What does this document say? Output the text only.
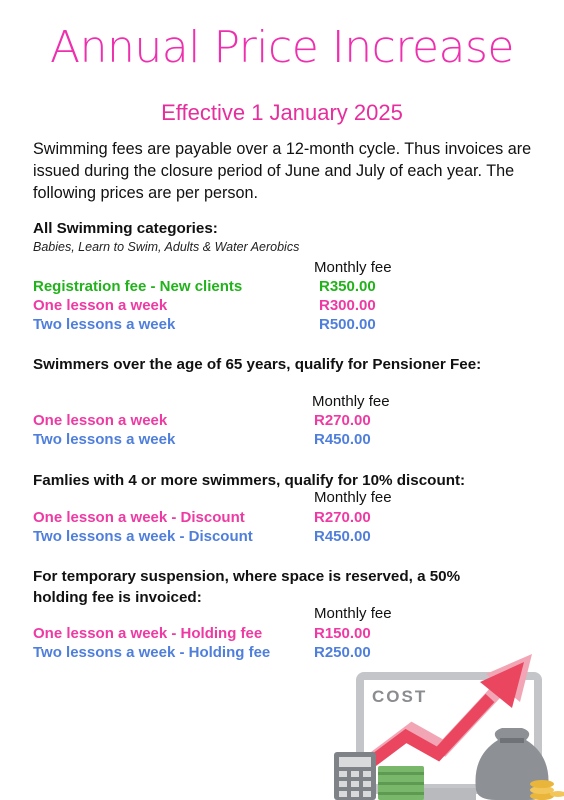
Annual Price Increase
Effective 1 January 2025
Swimming fees are payable over a 12-month cycle. Thus invoices are issued during the closure period of June and July of each year. The following prices are per person.
All Swimming categories:
Babies, Learn to Swim, Adults & Water Aerobics
Monthly fee
Registration fee - New clients	R350.00
One lesson a week	R300.00
Two lessons a week	R500.00
Swimmers over the age of 65 years, qualify for Pensioner Fee:
Monthly fee
One lesson a week	R270.00
Two lessons a week	R450.00
Famlies with 4 or more swimmers, qualify for 10% discount:
Monthly fee
One lesson a week - Discount	R270.00
Two lessons a week - Discount	R450.00
For temporary suspension, where space is reserved, a 50% holding fee is invoiced:
Monthly fee
One lesson a week - Holding fee	R150.00
Two lessons a week - Holding fee	R250.00
COST
